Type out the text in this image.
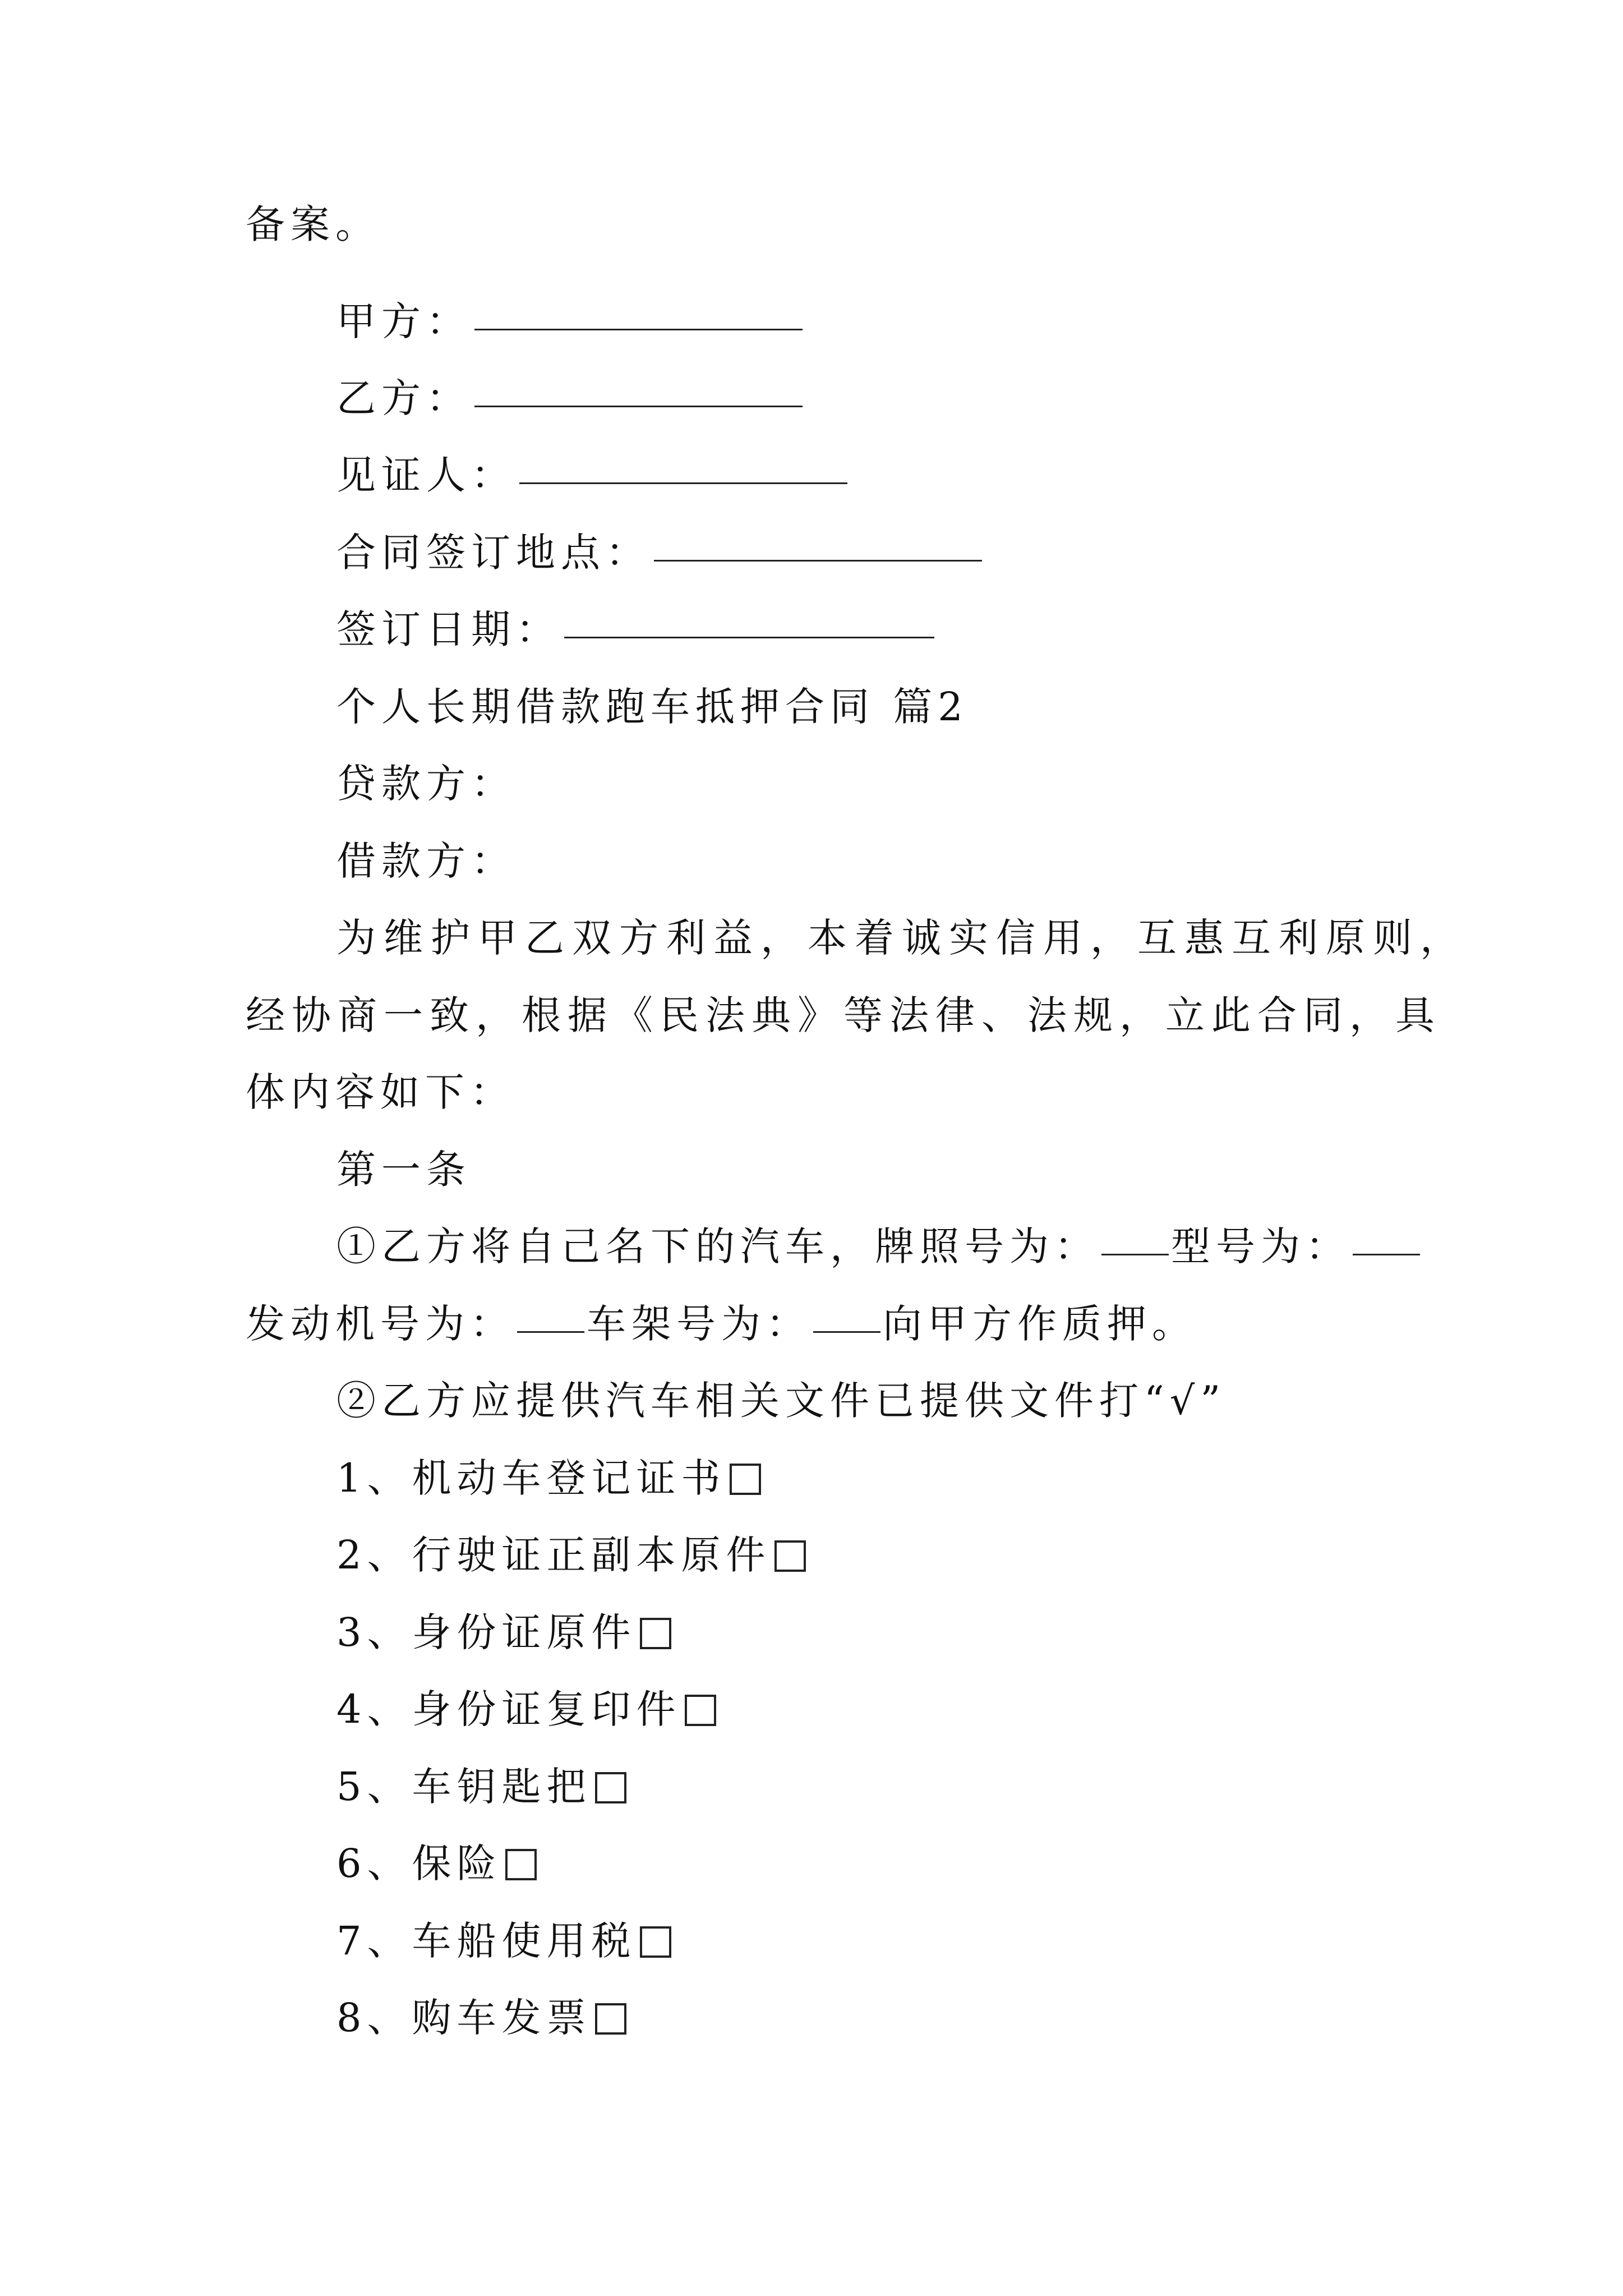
备案。
甲方：
乙方：
见证人：
合同签订地点：
签订日期：
个人长期借款跑车抵押合同 篇2
贷款方：
借款方：
为维护甲乙双方利益，本着诚实信用，互惠互利原则，
经协商一致，根据《民法典》等法律、法规，立此合同，具
体内容如下：
第一条
①乙方将自己名下的汽车，牌照号为： 型号为：
发动机号为： 车架号为： 向甲方作质押。
②乙方应提供汽车相关文件已提供文件打“√”
1、机动车登记证书
2、行驶证正副本原件
3、身份证原件
4、身份证复印件
5、车钥匙把
6、保险
7、车船使用税
8、购车发票
